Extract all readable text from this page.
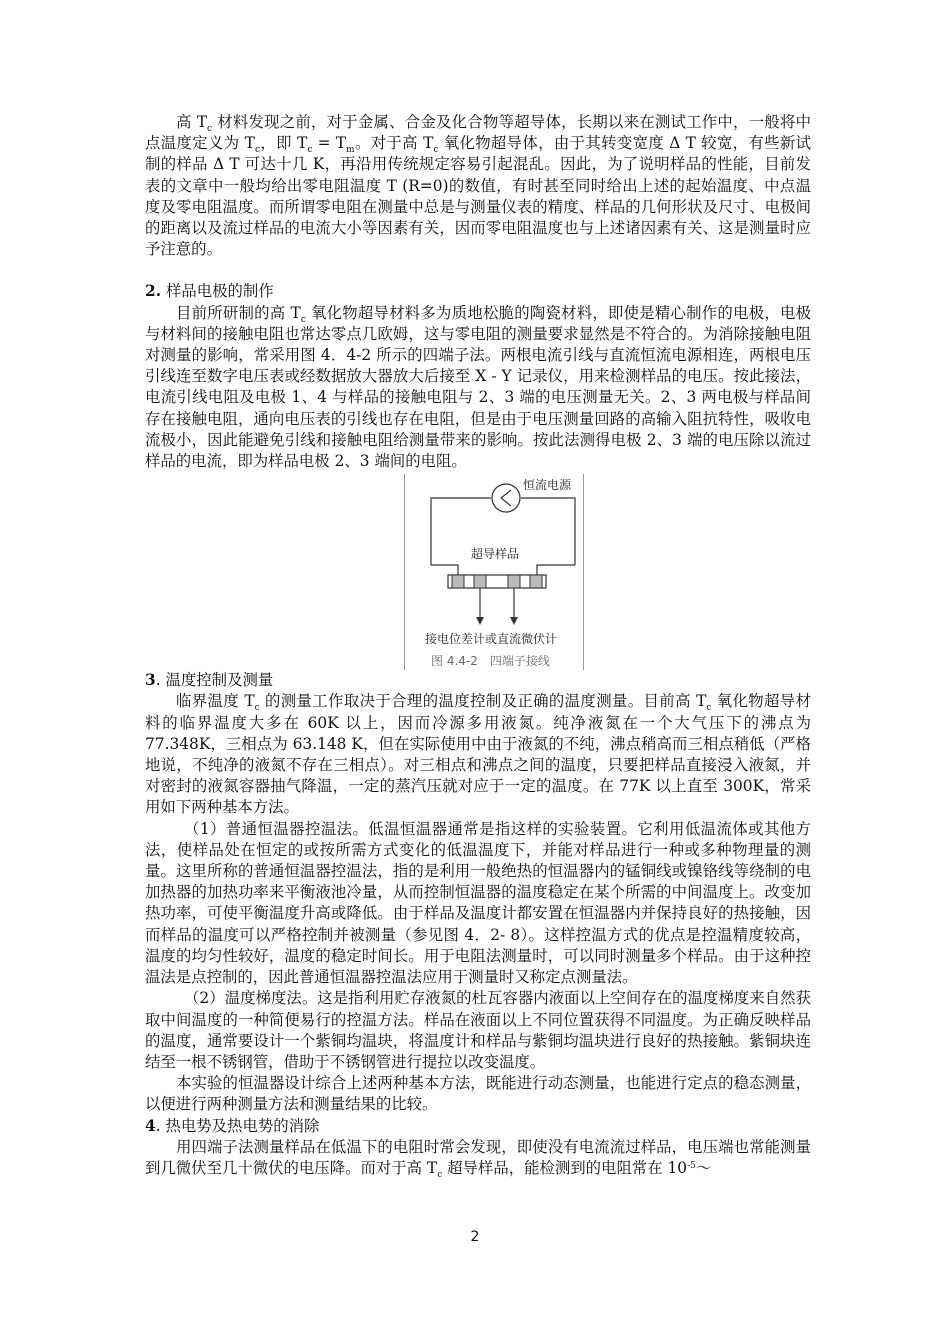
高 $T_c$ 材料发现之前，对于金属、合金及化合物等超导体，长期以来在测试工作中，一般将中点温度定义为 $T_c$，即 $T_c = T_m$。对于高 $T_c$ 氧化物超导体，由于其转变宽度 Δ T 较宽，有些新试制的样品 Δ T 可达十几 K，再沿用传统规定容易引起混乱。因此，为了说明样品的性能，目前发表的文章中一般均给出零电阻温度 T (R=0)的数值，有时甚至同时给出上述的起始温度、中点温度及零电阻温度。而所谓零电阻在测量中总是与测量仪表的精度、样品的几何形状及尺寸、电极间的距离以及流过样品的电流大小等因素有关，因而零电阻温度也与上述诸因素有关、这是测量时应予注意的。

2. 样品电极的制作

目前所研制的高 $T_c$ 氧化物超导材料多为质地松脆的陶瓷材料，即使是精心制作的电极，电极与材料间的接触电阻也常达零点几欧姆，这与零电阻的测量要求显然是不符合的。为消除接触电阻对测量的影响，常采用图 4．4-2 所示的四端子法。两根电流引线与直流恒流电源相连，两根电压引线连至数字电压表或经数据放大器放大后接至 X - Y 记录仪，用来检测样品的电压。按此接法，电流引线电阻及电极 1、4 与样品的接触电阻与 2、3 端的电压测量无关。2、3 两电极与样品间存在接触电阻，通向电压表的引线也存在电阻，但是由于电压测量回路的高输入阻抗特性，吸收电流极小，因此能避免引线和接触电阻给测量带来的影响。按此法测得电极 2、3 端的电压除以流过样品的电流，即为样品电极 2、3 端间的电阻。

恒流电源
超导样品
接电位差计或直流微伏计
图 4.4-2　四端子接线

3. 温度控制及测量

临界温度 $T_c$ 的测量工作取决于合理的温度控制及正确的温度测量。目前高 $T_c$ 氧化物超导材料的临界温度大多在 60K 以上，因而冷源多用液氮。纯净液氮在一个大气压下的沸点为 77.348K，三相点为 63.148 K，但在实际使用中由于液氮的不纯，沸点稍高而三相点稍低（严格地说，不纯净的液氮不存在三相点）。对三相点和沸点之间的温度，只要把样品直接浸入液氮，并对密封的液氮容器抽气降温，一定的蒸汽压就对应于一定的温度。在 77K 以上直至 300K，常采用如下两种基本方法。

（1）普通恒温器控温法。低温恒温器通常是指这样的实验装置。它利用低温流体或其他方法，使样品处在恒定的或按所需方式变化的低温温度下，并能对样品进行一种或多种物理量的测量。这里所称的普通恒温器控温法，指的是利用一般绝热的恒温器内的锰铜线或镍铬线等绕制的电加热器的加热功率来平衡液池冷量，从而控制恒温器的温度稳定在某个所需的中间温度上。改变加热功率，可使平衡温度升高或降低。由于样品及温度计都安置在恒温器内并保持良好的热接触，因而样品的温度可以严格控制并被测量（参见图 4．2- 8）。这样控温方式的优点是控温精度较高，温度的均匀性较好，温度的稳定时间长。用于电阻法测量时，可以同时测量多个样品。由于这种控温法是点控制的，因此普通恒温器控温法应用于测量时又称定点测量法。

（2）温度梯度法。这是指利用贮存液氮的杜瓦容器内液面以上空间存在的温度梯度来自然获取中间温度的一种简便易行的控温方法。样品在液面以上不同位置获得不同温度。为正确反映样品的温度，通常要设计一个紫铜均温块，将温度计和样品与紫铜均温块进行良好的热接触。紫铜块连结至一根不锈钢管，借助于不锈钢管进行提拉以改变温度。

本实验的恒温器设计综合上述两种基本方法，既能进行动态测量，也能进行定点的稳态测量，以便进行两种测量方法和测量结果的比较。

4. 热电势及热电势的消除

用四端子法测量样品在低温下的电阻时常会发现，即使没有电流流过样品，电压端也常能测量到几微伏至几十微伏的电压降。而对于高 $T_c$ 超导样品，能检测到的电阻常在 $10^{-5}\sim$

2
